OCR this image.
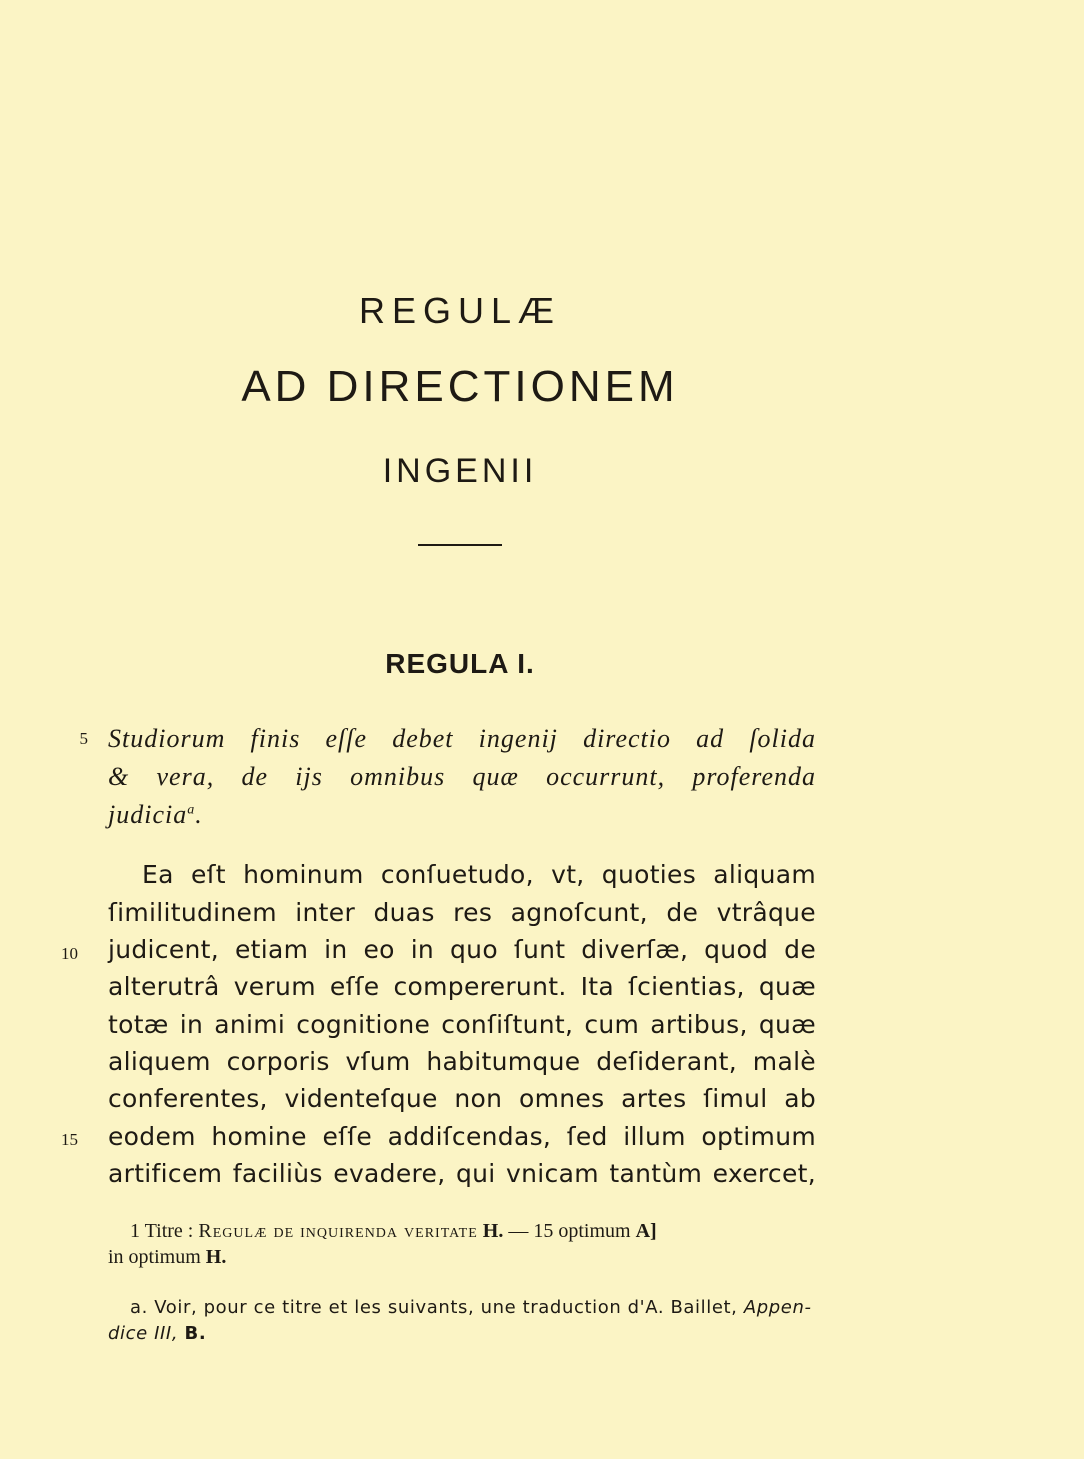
REGULÆ
AD DIRECTIONEM
INGENII
REGULA I.

5 Studiorum finis eſſe debet ingenij directio ad ſolida

& vera, de ijs omnibus quæ occurrunt, proferenda

judicia$^a$.

Ea eſt hominum conſuetudo, vt, quoties aliquam

ſimilitudinem inter duas res agnoſcunt, de vtrâque

10 judicent, etiam in eo in quo ſunt diverſæ, quod de

alterutrâ verum eſſe compererunt. Ita ſcientias, quæ

totæ in animi cognitione conſiſtunt, cum artibus, quæ

aliquem corporis vſum habitumque deſiderant, malè

conferentes, videnteſque non omnes artes ſimul ab

15 eodem homine eſſe addiſcendas, ſed illum optimum

artificem faciliùs evadere, qui vnicam tantùm exercet,

1 Titre : Regulæ de inquirenda veritate H. — 15 optimum A]

in optimum H.

a. Voir, pour ce titre et les suivants, une traduction d'A. Baillet, Appen-

dice III, B.
